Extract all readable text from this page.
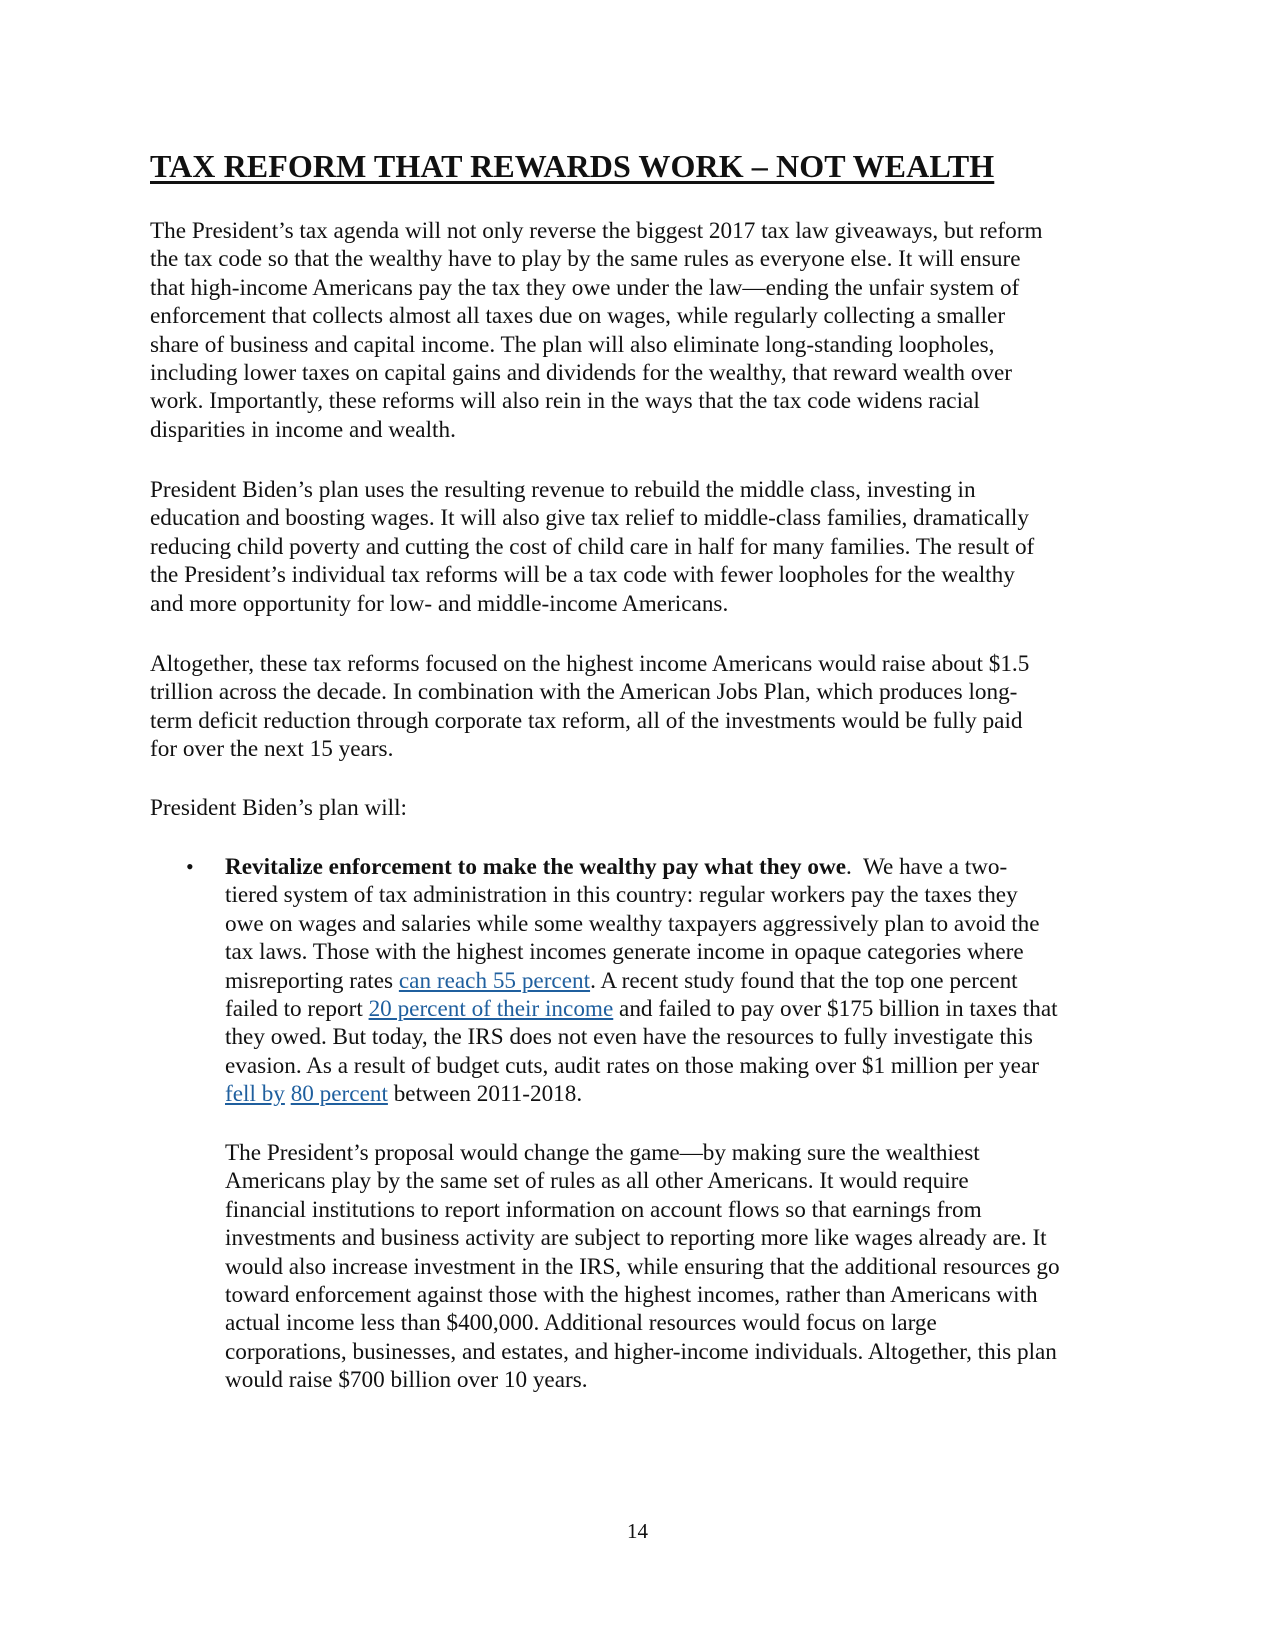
TAX REFORM THAT REWARDS WORK – NOT WEALTH

The President’s tax agenda will not only reverse the biggest 2017 tax law giveaways, but reform
the tax code so that the wealthy have to play by the same rules as everyone else. It will ensure
that high-income Americans pay the tax they owe under the law—ending the unfair system of
enforcement that collects almost all taxes due on wages, while regularly collecting a smaller
share of business and capital income. The plan will also eliminate long-standing loopholes,
including lower taxes on capital gains and dividends for the wealthy, that reward wealth over
work. Importantly, these reforms will also rein in the ways that the tax code widens racial
disparities in income and wealth.

President Biden’s plan uses the resulting revenue to rebuild the middle class, investing in
education and boosting wages. It will also give tax relief to middle-class families, dramatically
reducing child poverty and cutting the cost of child care in half for many families. The result of
the President’s individual tax reforms will be a tax code with fewer loopholes for the wealthy
and more opportunity for low- and middle-income Americans.

Altogether, these tax reforms focused on the highest income Americans would raise about $1.5
trillion across the decade. In combination with the American Jobs Plan, which produces long-
term deficit reduction through corporate tax reform, all of the investments would be fully paid
for over the next 15 years.

President Biden’s plan will:

• Revitalize enforcement to make the wealthy pay what they owe.  We have a two-
tiered system of tax administration in this country: regular workers pay the taxes they
owe on wages and salaries while some wealthy taxpayers aggressively plan to avoid the
tax laws. Those with the highest incomes generate income in opaque categories where
misreporting rates can reach 55 percent. A recent study found that the top one percent
failed to report 20 percent of their income and failed to pay over $175 billion in taxes that
they owed. But today, the IRS does not even have the resources to fully investigate this
evasion. As a result of budget cuts, audit rates on those making over $1 million per year
fell by 80 percent between 2011-2018.

The President’s proposal would change the game—by making sure the wealthiest
Americans play by the same set of rules as all other Americans. It would require
financial institutions to report information on account flows so that earnings from
investments and business activity are subject to reporting more like wages already are. It
would also increase investment in the IRS, while ensuring that the additional resources go
toward enforcement against those with the highest incomes, rather than Americans with
actual income less than $400,000. Additional resources would focus on large
corporations, businesses, and estates, and higher-income individuals. Altogether, this plan
would raise $700 billion over 10 years.

14
